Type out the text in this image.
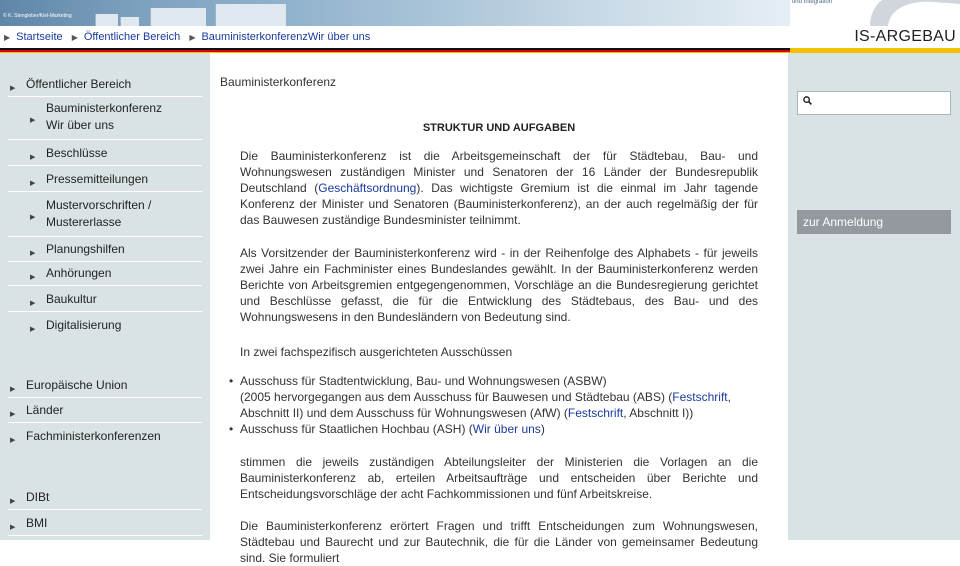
© K. Stengleber/Kiel-Marketing
und Integration
▶ Startseite ▶ Öffentlicher Bereich ▶ BauministerkonferenzWir über uns	IS-ARGEBAU
▶ Öffentlicher Bereich
▶
Bauministerkonferenz
Wir über uns
▶ Beschlüsse
▶ Pressemitteilungen
▶
Mustervorschriften /
Mustererlasse
▶ Planungshilfen
▶ Anhörungen
▶ Baukultur
▶ Digitalisierung
▶ Europäische Union
▶ Länder
▶ Fachministerkonferenzen
▶ DIBt
▶ BMI
Bauministerkonferenz
STRUKTUR UND AUFGABEN

Die Bauministerkonferenz ist die Arbeitsgemeinschaft der für Städtebau, Bau- und Wohnungswesen zuständigen Minister und Senatoren der 16 Länder der Bundesrepublik Deutschland (Geschäftsordnung). Das wichtigste Gremium ist die einmal im Jahr tagende Konferenz der Minister und Senatoren (Bauministerkonferenz), an der auch regelmäßig der für das Bauwesen zuständige Bundesminister teilnimmt.

Als Vorsitzender der Bauministerkonferenz wird - in der Reihenfolge des Alphabets - für jeweils zwei Jahre ein Fachminister eines Bundeslandes gewählt. In der Bauministerkonferenz werden Berichte von Arbeitsgremien entgegengenommen, Vorschläge an die Bundesregierung gerichtet und Beschlüsse gefasst, die für die Entwicklung des Städtebaus, des Bau- und des Wohnungswesens in den Bundesländern von Bedeutung sind.

In zwei fachspezifisch ausgerichteten Ausschüssen

• Ausschuss für Stadtentwicklung, Bau- und Wohnungswesen (ASBW)
(2005 hervorgegangen aus dem Ausschuss für Bauwesen und Städtebau (ABS) (Festschrift, Abschnitt II) und dem Ausschuss für Wohnungswesen (AfW) (Festschrift, Abschnitt I))
• Ausschuss für Staatlichen Hochbau (ASH) (Wir über uns)

stimmen die jeweils zuständigen Abteilungsleiter der Ministerien die Vorlagen an die Bauministerkonferenz ab, erteilen Arbeitsaufträge und entscheiden über Berichte und Entscheidungsvorschläge der acht Fachkommissionen und fünf Arbeitskreise.

Die Bauministerkonferenz erörtert Fragen und trifft Entscheidungen zum Wohnungswesen, Städtebau und Baurecht und zur Bautechnik, die für die Länder von gemeinsamer Bedeutung sind. Sie formuliert

zur Anmeldung
